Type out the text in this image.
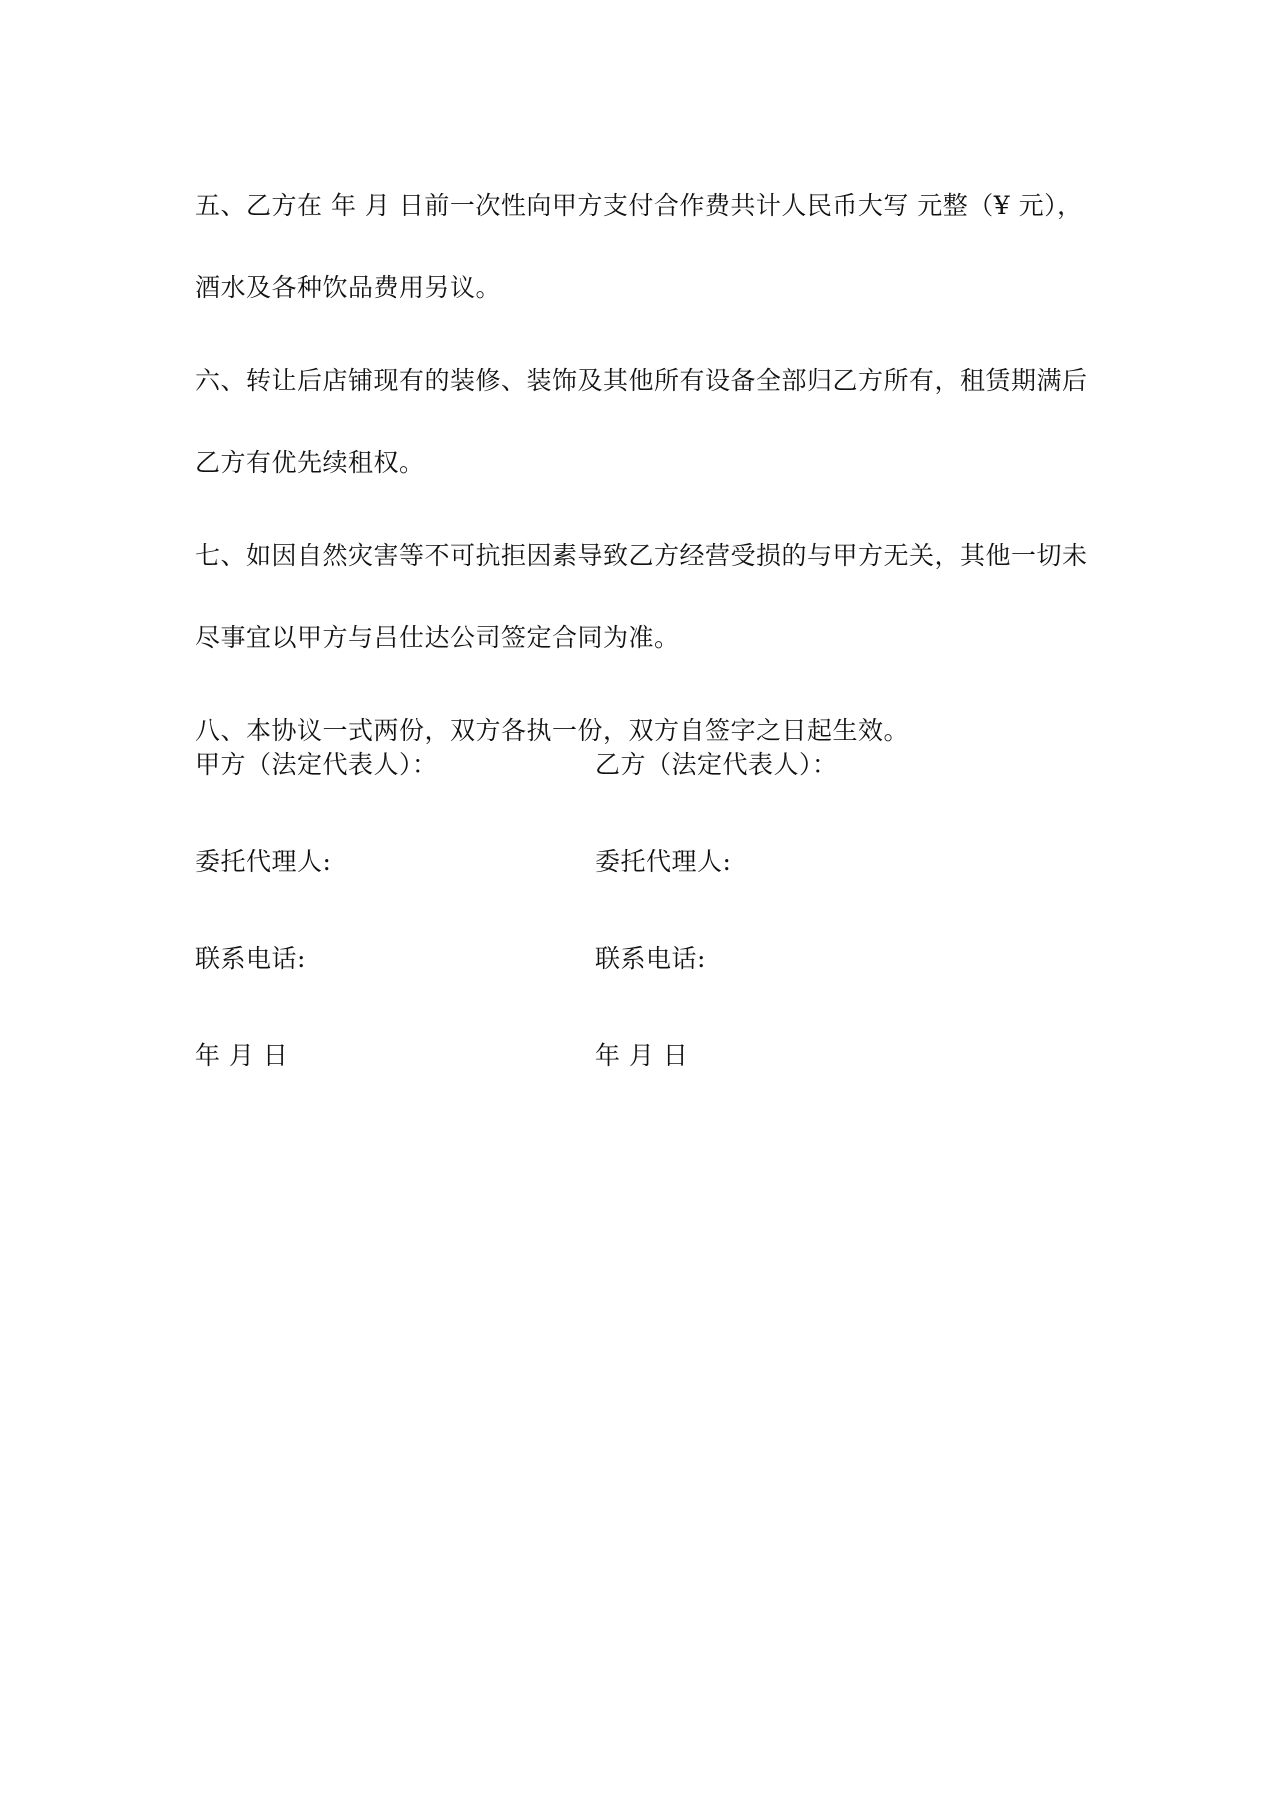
五、乙方在 年 月 日前一次性向甲方支付合作费共计人民币大写 元整（¥ 元），酒水及各种饮品费用另议。

六、转让后店铺现有的装修、装饰及其他所有设备全部归乙方所有，租赁期满后乙方有优先续租权。

七、如因自然灾害等不可抗拒因素导致乙方经营受损的与甲方无关，其他一切未尽事宜以甲方与吕仕达公司签定合同为准。

八、本协议一式两份，双方各执一份，双方自签字之日起生效。

甲方（法定代表人）：	乙方（法定代表人）：
委托代理人:	委托代理人:
联系电话:	联系电话:
年 月 日	年 月 日
